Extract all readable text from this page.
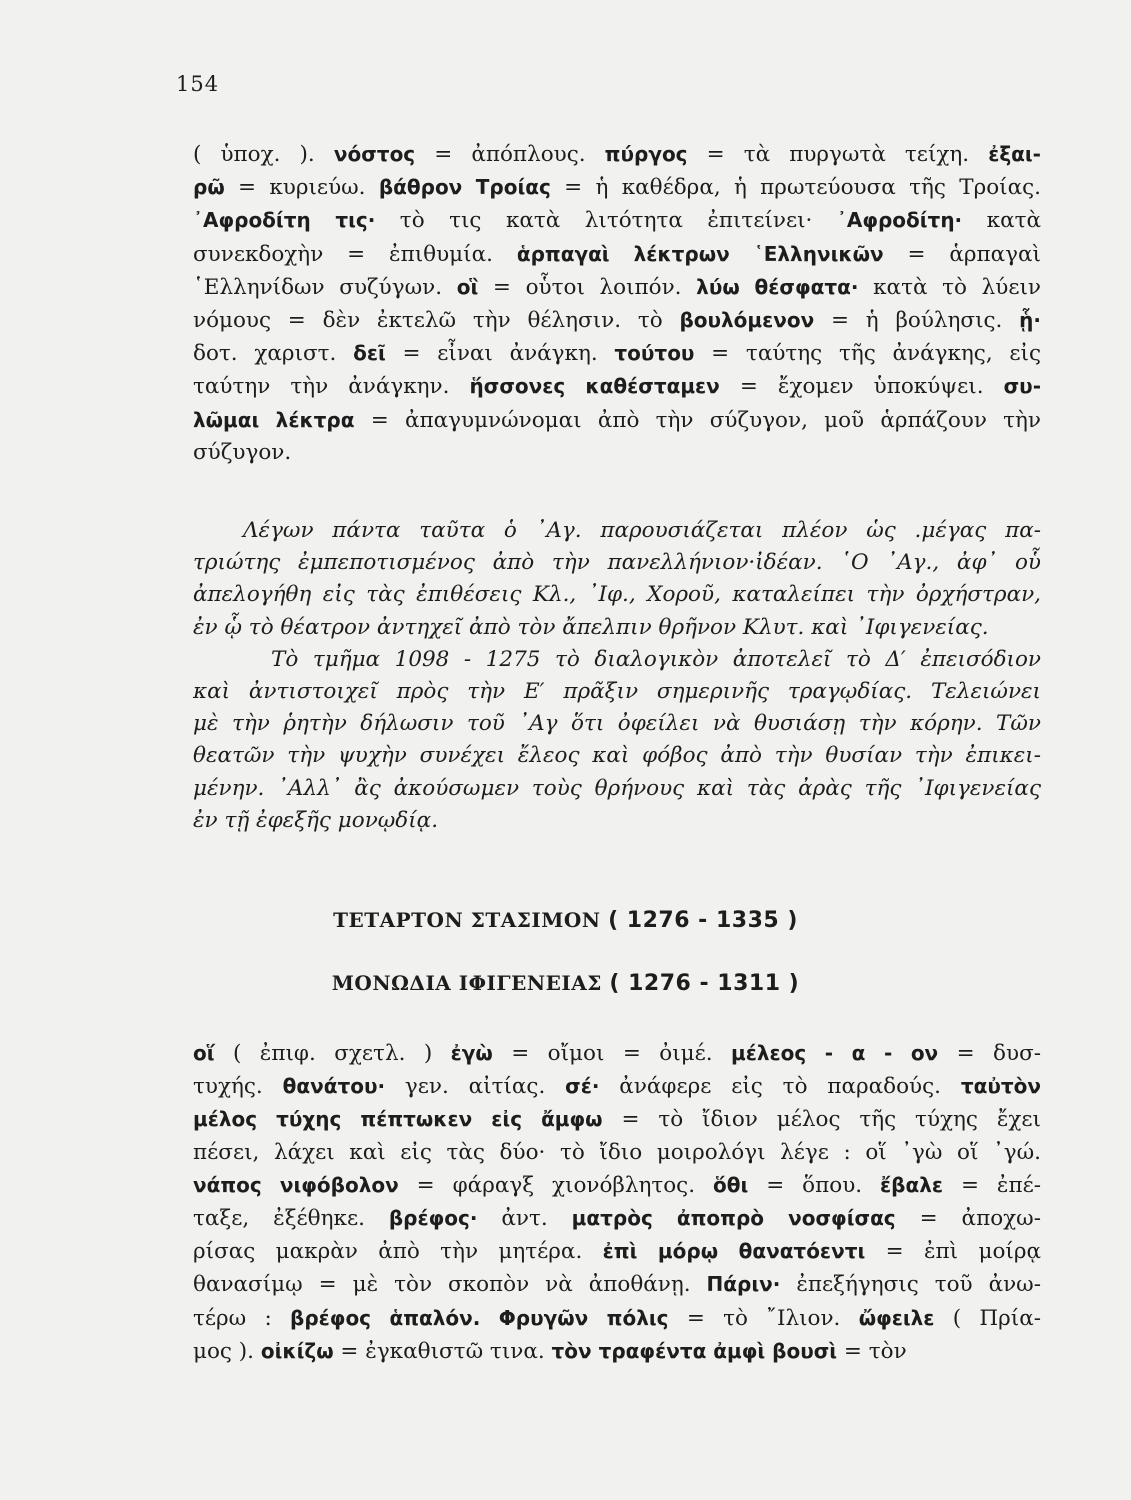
154
( ὑποχ. ). νόστος = ἀπόπλους. πύργος = τὰ πυργωτὰ τείχη. ἐξαι-
ρῶ = κυριεύω. βάθρον Τροίας = ἡ καθέδρα, ἡ πρωτεύουσα τῆς Τροίας.
᾿Αφροδίτη τις· τὸ τις κατὰ λιτότητα ἐπιτείνει· ᾿Αφροδίτη· κατὰ
συνεκδοχὴν = ἐπιθυμία. ἁρπαγαὶ λέκτρων ῾Ελληνικῶν = ἁρπαγαὶ
῾Ελληνίδων συζύγων. οἳ = οὗτοι λοιπόν. λύω θέσφατα· κατὰ τὸ λύειν
νόμους = δὲν ἐκτελῶ τὴν θέλησιν. τὸ βουλόμενον = ἡ βούλησις. ᾗ·
δοτ. χαριστ. δεῖ = εἶναι ἀνάγκη. τούτου = ταύτης τῆς ἀνάγκης, εἰς
ταύτην τὴν ἀνάγκην. ἥσσονες καθέσταμεν = ἔχομεν ὑποκύψει. συ-
λῶμαι λέκτρα = ἀπαγυμνώνομαι ἀπὸ τὴν σύζυγον, μοῦ ἁρπάζουν τὴν
σύζυγον.
Λέγων πάντα ταῦτα ὁ ᾿Αγ. παρουσιάζεται πλέον ὡς .μέγας πα-
τριώτης ἐμπεποτισμένος ἀπὸ τὴν πανελλήνιον·ἰδέαν. ῾Ο ᾿Αγ., ἀφ᾿ οὗ
ἀπελογήθη εἰς τὰς ἐπιθέσεις Κλ., ᾿Ιφ., Χοροῦ, καταλείπει τὴν ὀρχήστραν,
ἐν ᾧ τὸ θέατρον ἀντηχεῖ ἀπὸ τὸν ἄπελπιν θρῆνον Κλυτ. καὶ ᾿Ιφιγενείας.
Τὸ τμῆμα 1098 - 1275 τὸ διαλογικὸν ἀποτελεῖ τὸ Δ′ ἐπεισόδιον
καὶ ἀντιστοιχεῖ πρὸς τὴν Ε′ πρᾶξιν σημερινῆς τραγῳδίας. Τελειώνει
μὲ τὴν ῥητὴν δήλωσιν τοῦ ᾿Αγ ὅτι ὀφείλει νὰ θυσιάσῃ τὴν κόρην. Τῶν
θεατῶν τὴν ψυχὴν συνέχει ἔλεος καὶ φόβος ἀπὸ τὴν θυσίαν τὴν ἐπικει-
μένην. ᾿Αλλ᾿ ἂς ἀκούσωμεν τοὺς θρήνους καὶ τὰς ἀρὰς τῆς ᾿Ιφιγενείας
ἐν τῇ ἐφεξῆς μονῳδίᾳ.
ΤΕΤΑΡΤΟΝ ΣΤΑΣΙΜΟΝ ( 1276 - 1335 )
ΜΟΝΩΔΙΑ ΙΦΙΓΕΝΕΙΑΣ ( 1276 - 1311 )
οἵ ( ἐπιφ. σχετλ. ) ἐγὼ = οἴμοι = ὀιμέ. μέλεος - α - ον = δυσ-
τυχής. θανάτου· γεν. αἰτίας. σέ· ἀνάφερε εἰς τὸ παραδούς. ταὐτὸν
μέλος τύχης πέπτωκεν εἰς ἄμφω = τὸ ἴδιον μέλος τῆς τύχης ἔχει
πέσει, λάχει καὶ εἰς τὰς δύο· τὸ ἴδιο μοιρολόγι λέγε : οἵ ᾿γὼ οἵ ᾿γώ.
νάπος νιφόβολον = φάραγξ χιονόβλητος. ὅθι = ὅπου. ἔβαλε = ἐπέ-
ταξε, ἐξέθηκε. βρέφος· ἀντ. ματρὸς ἀποπρὸ νοσφίσας = ἀποχω-
ρίσας μακρὰν ἀπὸ τὴν μητέρα. ἐπὶ μόρῳ θανατόεντι = ἐπὶ μοίρᾳ
θανασίμῳ = μὲ τὸν σκοπὸν νὰ ἀποθάνῃ. Πάριν· ἐπεξήγησις τοῦ ἀνω-
τέρω : βρέφος ἁπαλόν. Φρυγῶν πόλις = τὸ ῎Ιλιον. ὤφειλε ( Πρία-
μος ). οἰκίζω = ἐγκαθιστῶ τινα. τὸν τραφέντα ἀμφὶ βουσὶ = τὸν
